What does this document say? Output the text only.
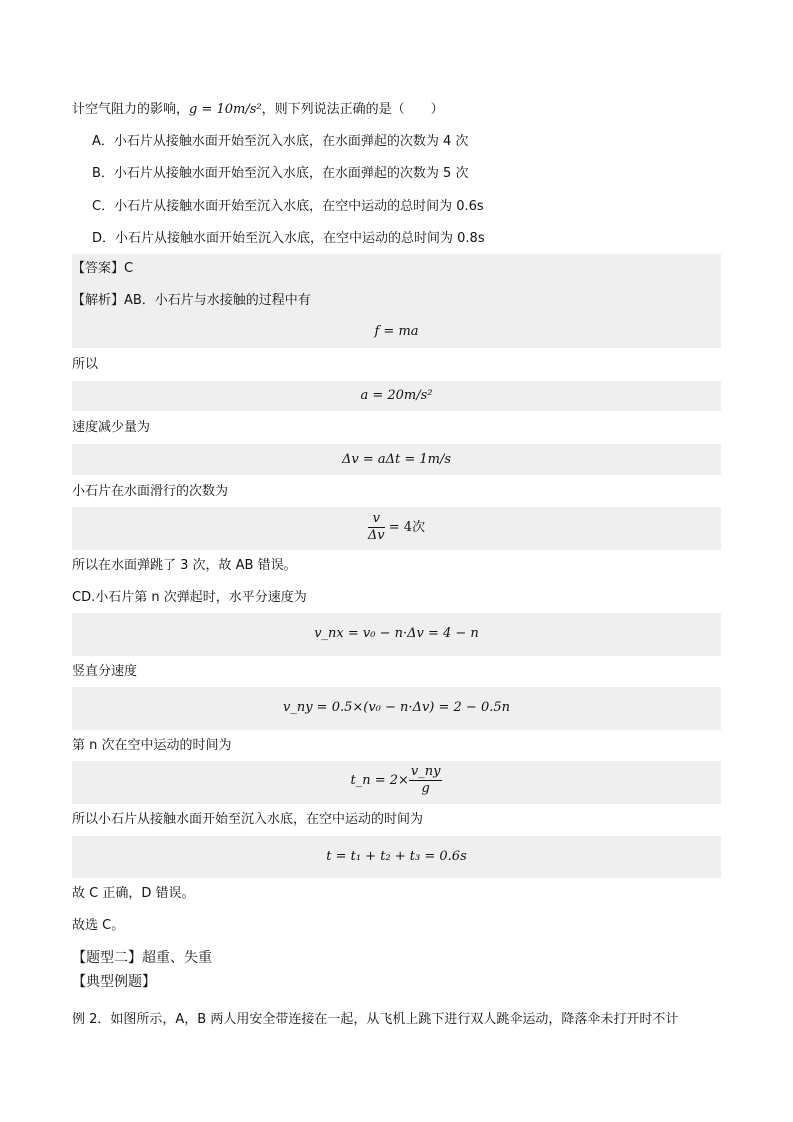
计空气阻力的影响，g = 10m/s²，则下列说法正确的是（　　）
A．小石片从接触水面开始至沉入水底，在水面弹起的次数为 4 次
B．小石片从接触水面开始至沉入水底，在水面弹起的次数为 5 次
C．小石片从接触水面开始至沉入水底，在空中运动的总时间为 0.6s
D．小石片从接触水面开始至沉入水底，在空中运动的总时间为 0.8s
【答案】C
【解析】AB．小石片与水接触的过程中有
f = ma
所以
a = 20m/s²
速度减少量为
Δv = aΔt = 1m/s
小石片在水面滑行的次数为
$\frac{v}{\Delta v} = 4$次
所以在水面弹跳了 3 次，故 AB 错误。
CD.小石片第 n 次弹起时，水平分速度为
v_nx = v₀ − n·Δv = 4 − n
竖直分速度
v_ny = 0.5×(v₀ − n·Δv) = 2 − 0.5n
第 n 次在空中运动的时间为
t_n = $2\times \frac{v\_ny}{g}$
所以小石片从接触水面开始至沉入水底，在空中运动的时间为
t = t₁ + t₂ + t₃ = 0.6s
故 C 正确，D 错误。
故选 C。
【题型二】超重、失重
【典型例题】
例 2．如图所示，A，B 两人用安全带连接在一起，从飞机上跳下进行双人跳伞运动，降落伞未打开时不计
